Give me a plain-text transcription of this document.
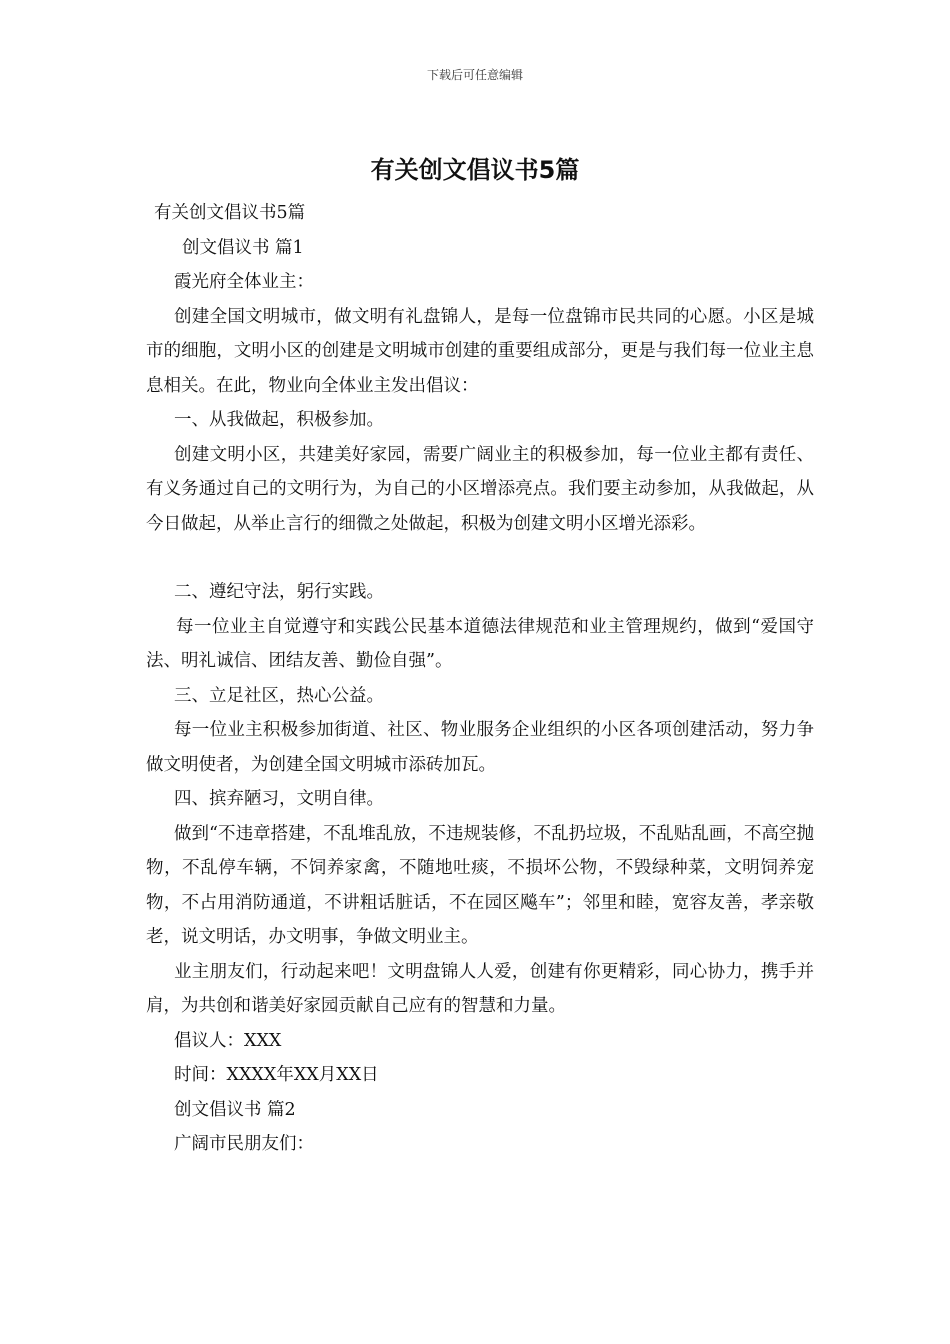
下载后可任意编辑
有关创文倡议书5篇

有关创文倡议书5篇

创文倡议书 篇1

霞光府全体业主：

创建全国文明城市，做文明有礼盘锦人，是每一位盘锦市民共同的心愿。小区是城市的细胞，文明小区的创建是文明城市创建的重要组成部分，更是与我们每一位业主息息相关。在此，物业向全体业主发出倡议：

一、从我做起，积极参加。

创建文明小区，共建美好家园，需要广阔业主的积极参加，每一位业主都有责任、有义务通过自己的文明行为，为自己的小区增添亮点。我们要主动参加，从我做起，从今日做起，从举止言行的细微之处做起，积极为创建文明小区增光添彩。

二、遵纪守法，躬行实践。

每一位业主自觉遵守和实践公民基本道德法律规范和业主管理规约，做到“爱国守法、明礼诚信、团结友善、勤俭自强”。

三、立足社区，热心公益。

每一位业主积极参加街道、社区、物业服务企业组织的小区各项创建活动，努力争做文明使者，为创建全国文明城市添砖加瓦。

四、摈弃陋习，文明自律。

做到“不违章搭建，不乱堆乱放，不违规装修，不乱扔垃圾，不乱贴乱画，不高空抛物，不乱停车辆，不饲养家禽，不随地吐痰，不损坏公物，不毁绿种菜，文明饲养宠物，不占用消防通道，不讲粗话脏话，不在园区飚车”；邻里和睦，宽容友善，孝亲敬老，说文明话，办文明事，争做文明业主。

业主朋友们，行动起来吧！文明盘锦人人爱，创建有你更精彩，同心协力，携手并肩，为共创和谐美好家园贡献自己应有的智慧和力量。

倡议人：XXX

时间：XXXX年XX月XX日

创文倡议书 篇2

广阔市民朋友们：
